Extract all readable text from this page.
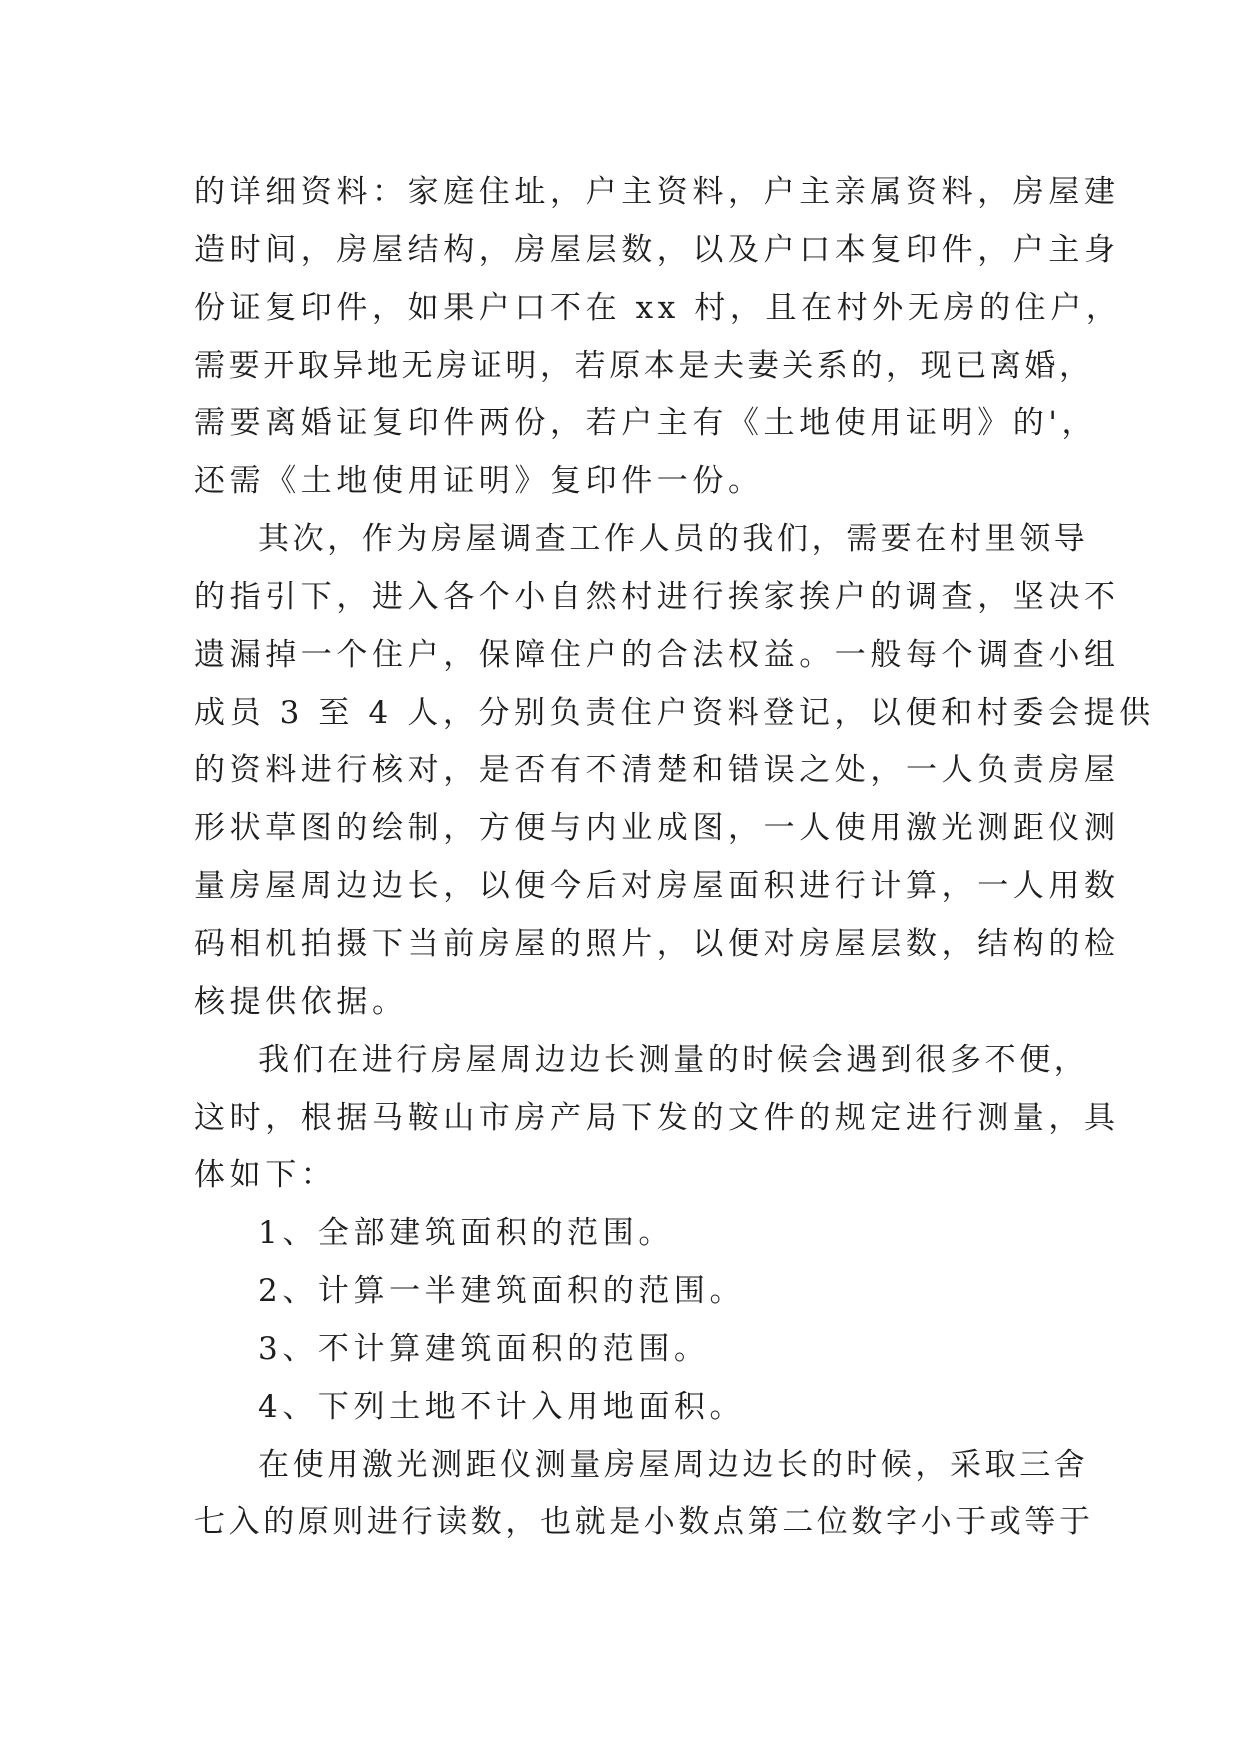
的详细资料：家庭住址，户主资料，户主亲属资料，房屋建
造时间，房屋结构，房屋层数，以及户口本复印件，户主身
份证复印件，如果户口不在 xx 村，且在村外无房的住户，
需要开取异地无房证明，若原本是夫妻关系的，现已离婚，
需要离婚证复印件两份，若户主有《土地使用证明》的'，
还需《土地使用证明》复印件一份。
其次，作为房屋调查工作人员的我们，需要在村里领导
的指引下，进入各个小自然村进行挨家挨户的调查，坚决不
遗漏掉一个住户，保障住户的合法权益。一般每个调查小组
成员 3 至 4 人，分别负责住户资料登记，以便和村委会提供
的资料进行核对，是否有不清楚和错误之处，一人负责房屋
形状草图的绘制，方便与内业成图，一人使用激光测距仪测
量房屋周边边长，以便今后对房屋面积进行计算，一人用数
码相机拍摄下当前房屋的照片，以便对房屋层数，结构的检
核提供依据。
我们在进行房屋周边边长测量的时候会遇到很多不便，
这时，根据马鞍山市房产局下发的文件的规定进行测量，具
体如下：
1、全部建筑面积的范围。
2、计算一半建筑面积的范围。
3、不计算建筑面积的范围。
4、下列土地不计入用地面积。
在使用激光测距仪测量房屋周边边长的时候，采取三舍
七入的原则进行读数，也就是小数点第二位数字小于或等于
